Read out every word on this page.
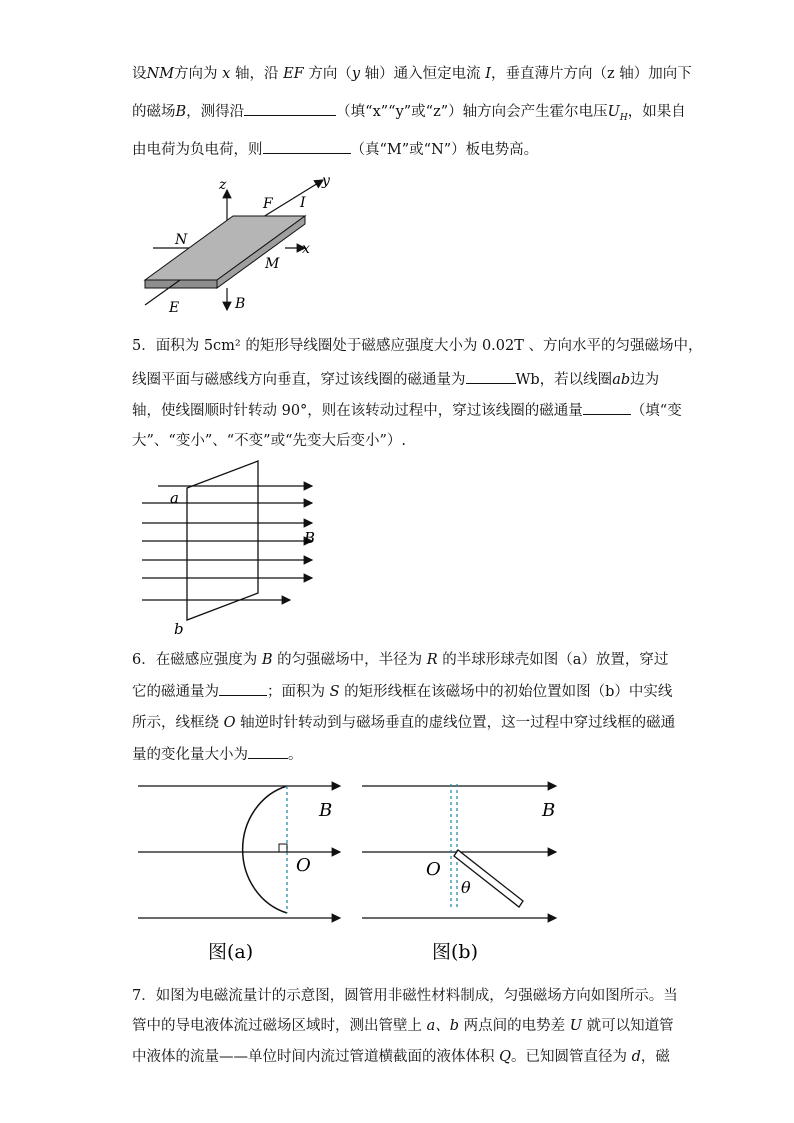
设NM方向为 x 轴，沿 EF 方向（y 轴）通入恒定电流 I，垂直薄片方向（z 轴）加向下
的磁场B，测得沿	（填“x”“y”或“z”）轴方向会产生霍尔电压$U_H$，如果自
由电荷为负电荷，则	（真“M”或“N”）板电势高。
z	y
F I
N
x
M
E	B
5．面积为 5cm² 的矩形导线圈处于磁感应强度大小为 0.02T 、方向水平的匀强磁场中，
线圈平面与磁感线方向垂直，穿过该线圈的磁通量为	Wb，若以线圈ab边为
轴，使线圈顺时针转动 90°，则在该转动过程中，穿过该线圈的磁通量	（填“变
大”、“变小”、“不变”或“先变大后变小”）.
a
b
B
6．在磁感应强度为 B 的匀强磁场中，半径为 R 的半球形球壳如图（a）放置，穿过
它的磁通量为	；面积为 S 的矩形线框在该磁场中的初始位置如图（b）中实线
所示，线框绕 O 轴逆时针转动到与磁场垂直的虚线位置，这一过程中穿过线框的磁通
量的变化量大小为	。
B
O
图(a)
B
O
θ
图(b)
7．如图为电磁流量计的示意图，圆管用非磁性材料制成，匀强磁场方向如图所示。当
管中的导电液体流过磁场区域时，测出管壁上 a、b 两点间的电势差 U 就可以知道管
中液体的流量——单位时间内流过管道横截面的液体体积 Q。已知圆管直径为 d，磁
